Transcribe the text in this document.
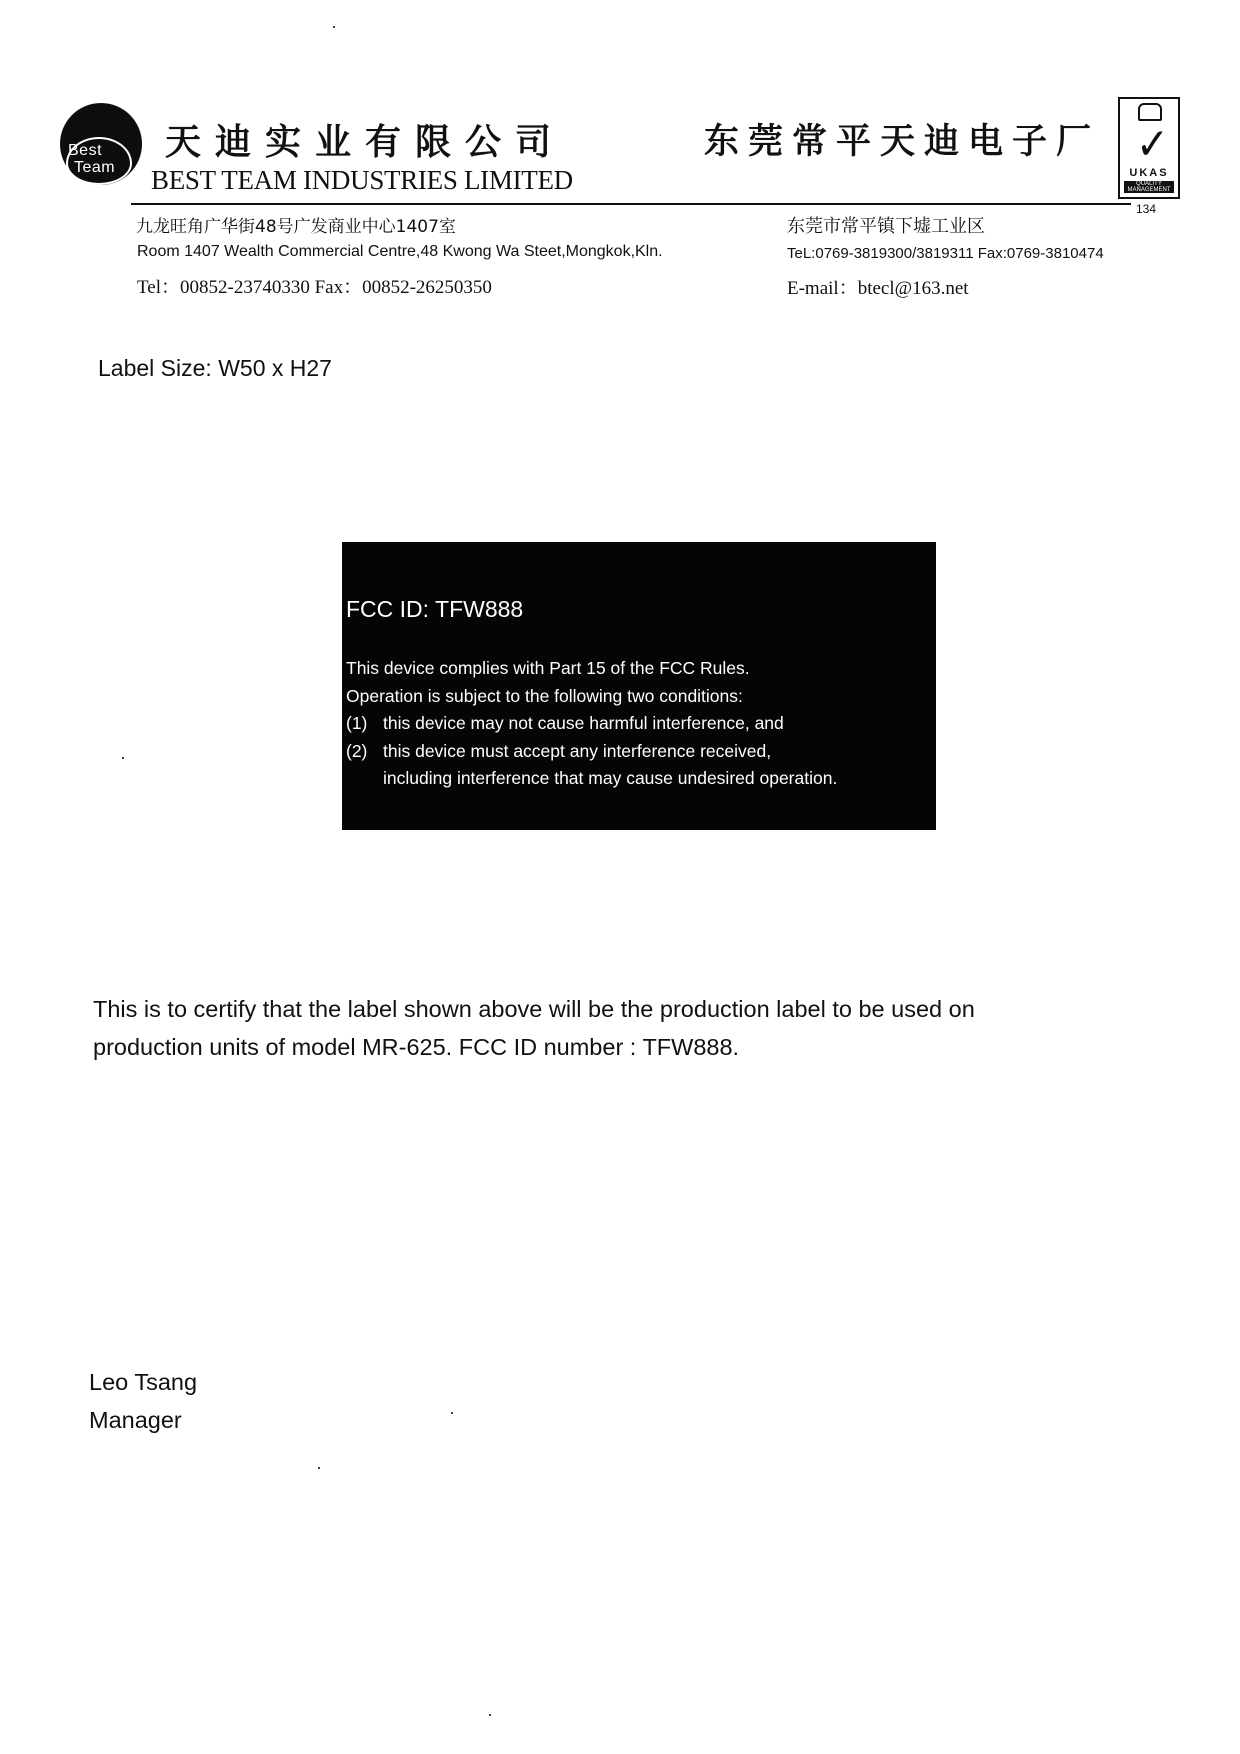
Best
Team
天迪实业有限公司
BEST TEAM INDUSTRIES LIMITED
东莞常平天迪电子厂 ✓
UKAS
QUALITY MANAGEMENT
134
九龙旺角广华街48号广发商业中心1407室
Room 1407 Wealth Commercial Centre,48 Kwong Wa Steet,Mongkok,Kln.
Tel：00852-23740330 Fax：00852-26250350
东莞市常平镇下墟工业区
TeL:0769-3819300/3819311 Fax:0769-3810474
E-mail：btecl@163.net
Label Size: W50 x H27
FCC ID: TFW888
This device complies with Part 15 of the FCC Rules.
Operation is subject to the following two conditions:
(1) this device may not cause harmful interference, and
(2) this device must accept any interference received,
including interference that may cause undesired operation.
This is to certify that the label shown above will be the production label to be used on
production units of model MR-625. FCC ID number : TFW888.
Leo Tsang
Manager
